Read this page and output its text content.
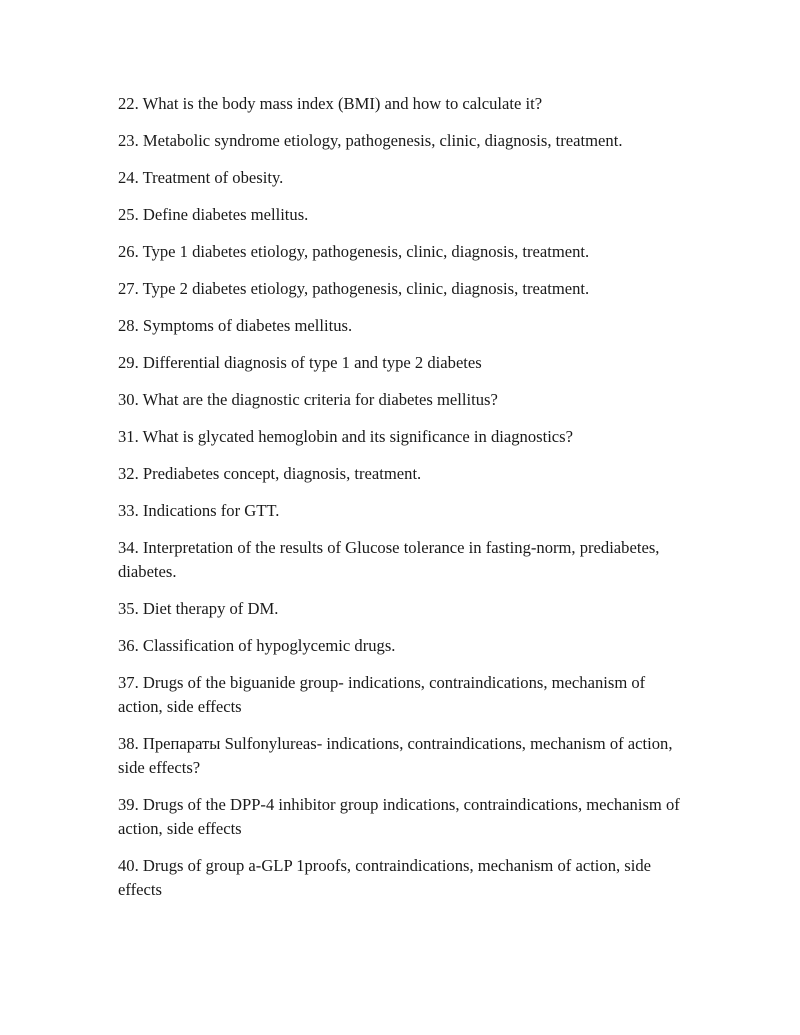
22. What is the body mass index (BMI) and how to calculate it?
23. Metabolic syndrome etiology, pathogenesis, clinic, diagnosis, treatment.
24. Treatment of obesity.
25. Define diabetes mellitus.
26. Type 1 diabetes etiology, pathogenesis, clinic, diagnosis, treatment.
27. Type 2 diabetes etiology, pathogenesis, clinic, diagnosis, treatment.
28. Symptoms of diabetes mellitus.
29. Differential diagnosis of type 1 and type 2 diabetes
30. What are the diagnostic criteria for diabetes mellitus?
31. What is glycated hemoglobin and its significance in diagnostics?
32. Prediabetes concept, diagnosis, treatment.
33. Indications for GTT.
34. Interpretation of the results of Glucose tolerance in fasting-norm, prediabetes, diabetes.
35. Diet therapy of DM.
36. Classification of hypoglycemic drugs.
37. Drugs of the biguanide group- indications, contraindications, mechanism of action, side effects
38. Препараты Sulfonylureas- indications, contraindications, mechanism of action, side effects?
39. Drugs of the DPP-4 inhibitor group indications, contraindications, mechanism of action, side effects
40. Drugs of group a-GLP 1proofs, contraindications, mechanism of action, side effects
